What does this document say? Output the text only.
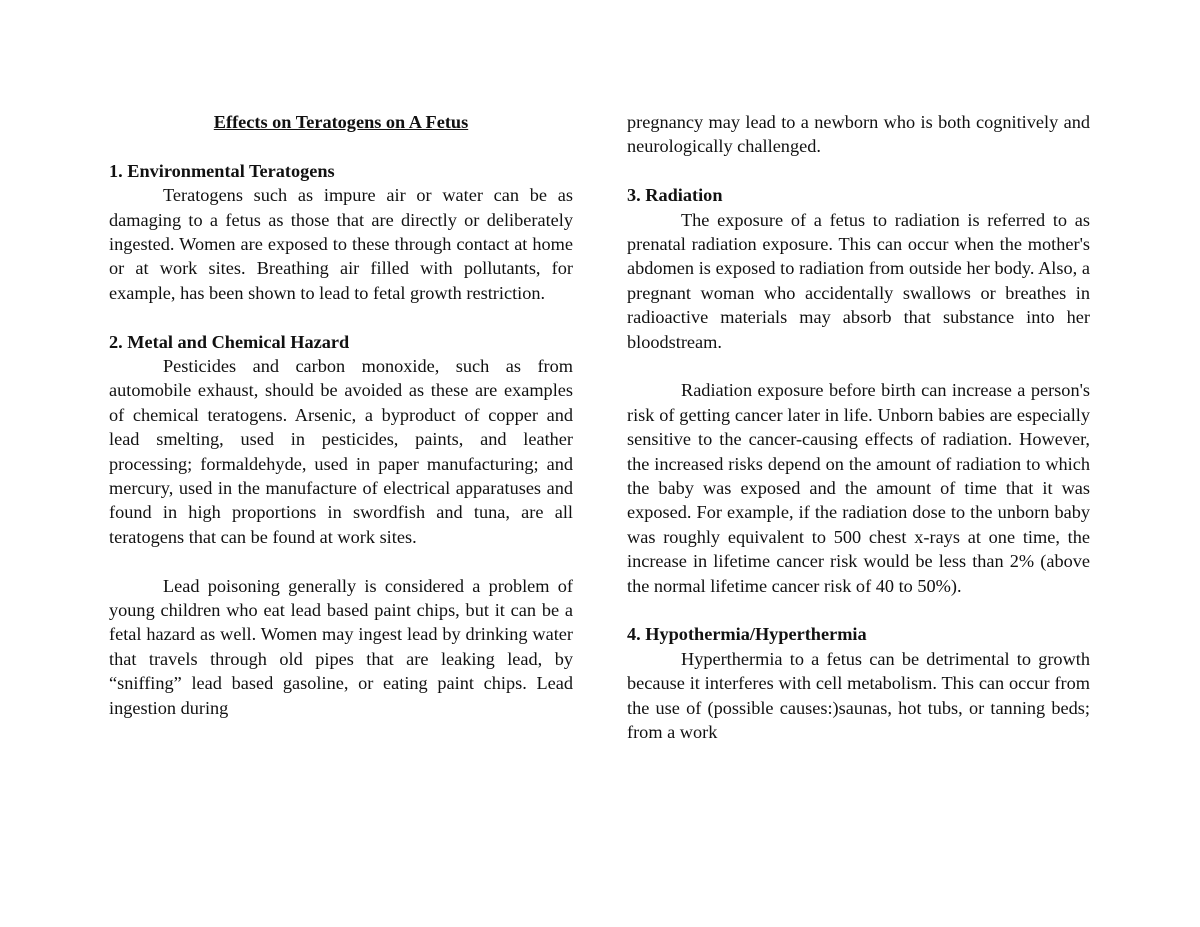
Effects on Teratogens on A Fetus

1. Environmental Teratogens

Teratogens such as impure air or water can be as damaging to a fetus as those that are directly or deliberately ingested. Women are exposed to these through contact at home or at work sites. Breathing air filled with pollutants, for example, has been shown to lead to fetal growth restriction.

2. Metal and Chemical Hazard

Pesticides and carbon monoxide, such as from automobile exhaust, should be avoided as these are examples of chemical teratogens. Arsenic, a byproduct of copper and lead smelting, used in pesticides, paints, and leather processing; formaldehyde, used in paper manufacturing; and mercury, used in the manufacture of electrical apparatuses and found in high proportions in swordfish and tuna, are all teratogens that can be found at work sites.

Lead poisoning generally is considered a problem of young children who eat lead based paint chips, but it can be a fetal hazard as well. Women may ingest lead by drinking water that travels through old pipes that are leaking lead, by “sniffing” lead based gasoline, or eating paint chips. Lead ingestion during

pregnancy may lead to a newborn who is both cognitively and neurologically challenged.

3. Radiation

The exposure of a fetus to radiation is referred to as prenatal radiation exposure. This can occur when the mother's abdomen is exposed to radiation from outside her body. Also, a pregnant woman who accidentally swallows or breathes in radioactive materials may absorb that substance into her bloodstream.

Radiation exposure before birth can increase a person's risk of getting cancer later in life. Unborn babies are especially sensitive to the cancer-causing effects of radiation. However, the increased risks depend on the amount of radiation to which the baby was exposed and the amount of time that it was exposed. For example, if the radiation dose to the unborn baby was roughly equivalent to 500 chest x-rays at one time, the increase in lifetime cancer risk would be less than 2% (above the normal lifetime cancer risk of 40 to 50%).

4. Hypothermia/Hyperthermia

Hyperthermia to a fetus can be detrimental to growth because it interferes with cell metabolism. This can occur from the use of (possible causes:)saunas, hot tubs, or tanning beds; from a work
